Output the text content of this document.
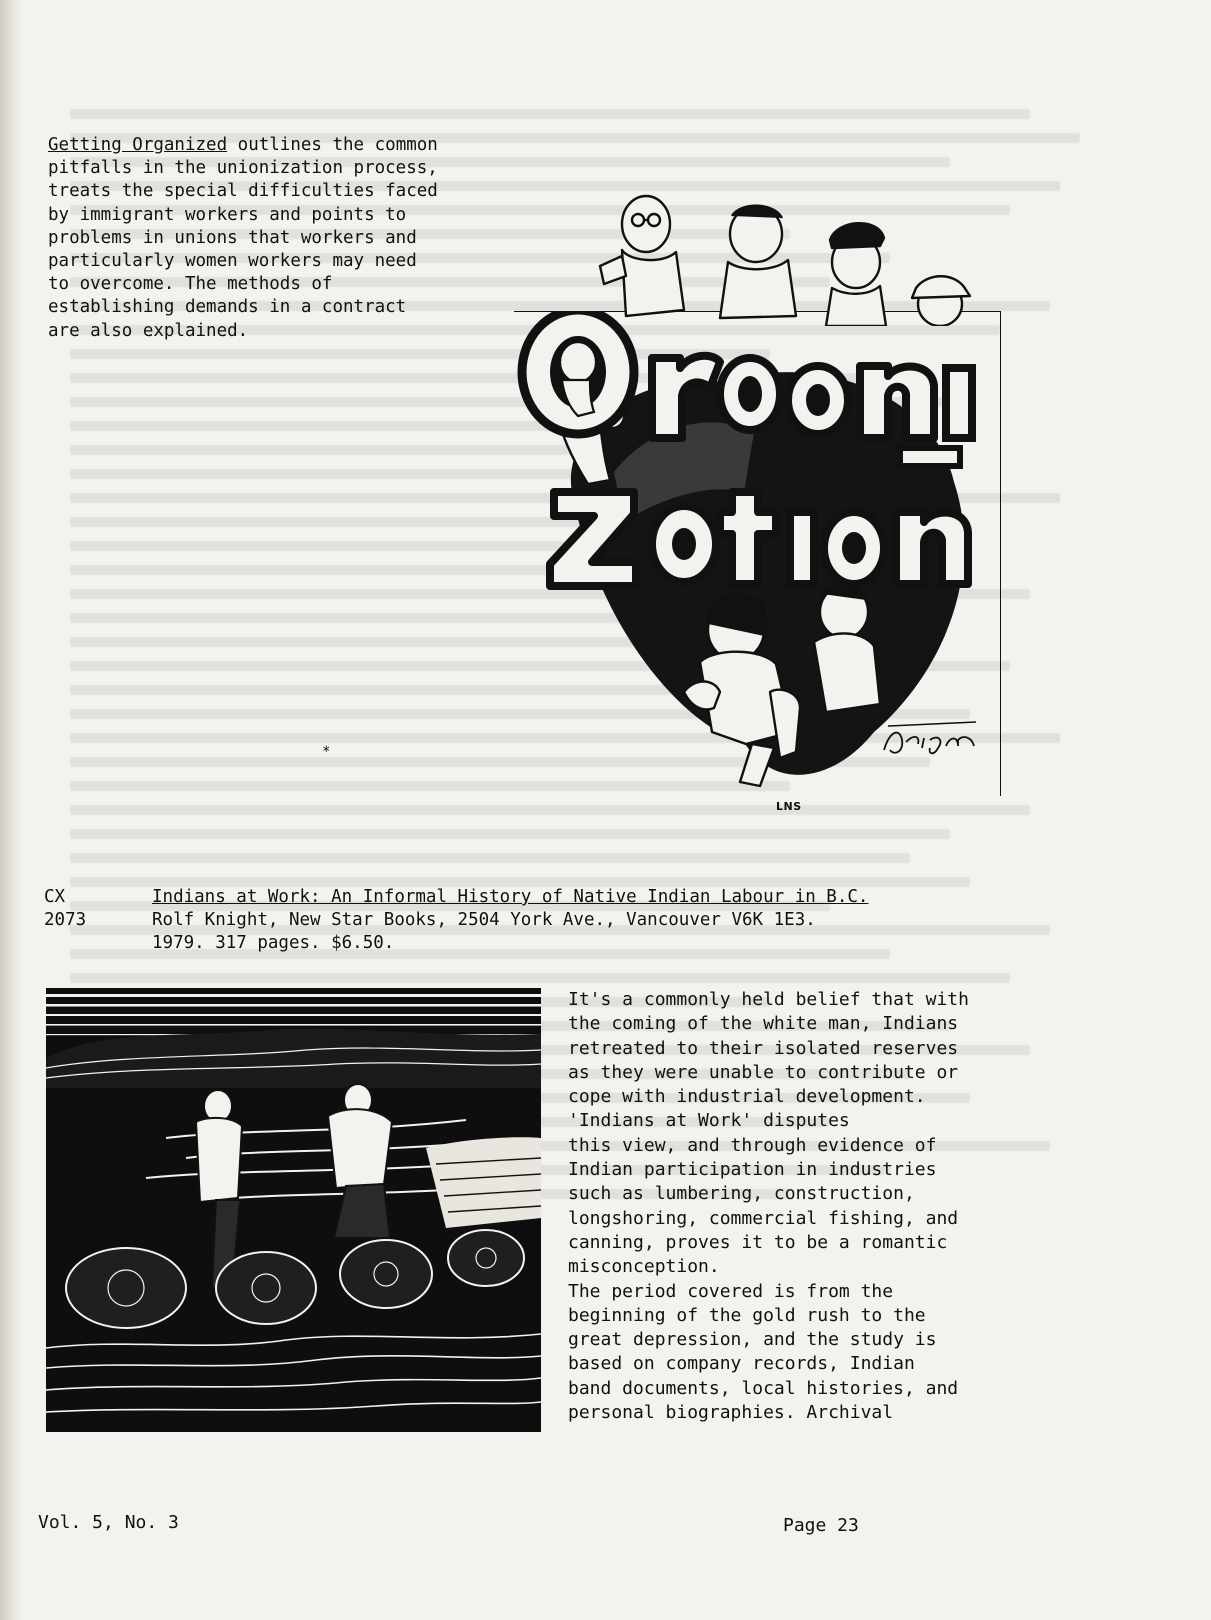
Getting Organized outlines the common pitfalls in the unionization process,
treats the special difficulties faced
by immigrant workers and points to
problems in unions that workers and
particularly women workers may need
to overcome. The methods of
establishing demands in a contract
are also explained.
LNS
*
CX
2073
Indians at Work: An Informal History of Native Indian Labour in B.C.
Rolf Knight, New Star Books, 2504 York Ave., Vancouver V6K 1E3.
1979. 317 pages. $6.50.

It's a commonly held belief that with
the coming of the white man, Indians
retreated to their isolated reserves
as they were unable to contribute or
cope with industrial development.

'Indians at Work' disputes
this view, and through evidence of
Indian participation in industries
such as lumbering, construction,
longshoring, commercial fishing, and
canning, proves it to be a romantic
misconception.

The period covered is from the
beginning of the gold rush to the
great depression, and the study is
based on company records, Indian
band documents, local histories, and
personal biographies. Archival

Vol. 5, No. 3	Page 23
